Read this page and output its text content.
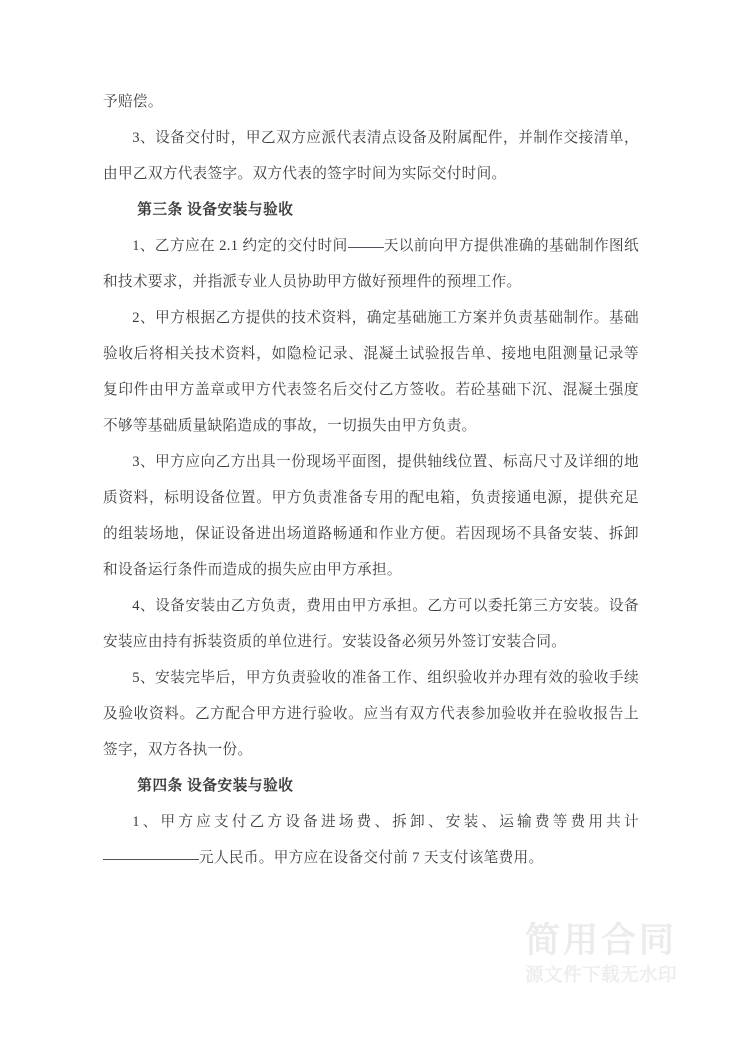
予赔偿。

3、设备交付时，甲乙双方应派代表清点设备及附属配件，并制作交接清单，由甲乙双方代表签字。双方代表的签字时间为实际交付时间。

第三条 设备安装与验收

1、乙方应在 2.1 约定的交付时间 天以前向甲方提供准确的基础制作图纸和技术要求，并指派专业人员协助甲方做好预埋件的预埋工作。

2、甲方根据乙方提供的技术资料，确定基础施工方案并负责基础制作。基础验收后将相关技术资料，如隐检记录、混凝土试验报告单、接地电阻测量记录等复印件由甲方盖章或甲方代表签名后交付乙方签收。若砼基础下沉、混凝土强度不够等基础质量缺陷造成的事故，一切损失由甲方负责。

3、甲方应向乙方出具一份现场平面图，提供轴线位置、标高尺寸及详细的地质资料，标明设备位置。甲方负责准备专用的配电箱，负责接通电源，提供充足的组装场地，保证设备进出场道路畅通和作业方便。若因现场不具备安装、拆卸和设备运行条件而造成的损失应由甲方承担。

4、设备安装由乙方负责，费用由甲方承担。乙方可以委托第三方安装。设备安装应由持有拆装资质的单位进行。安装设备必须另外签订安装合同。

5、安装完毕后，甲方负责验收的准备工作、组织验收并办理有效的验收手续及验收资料。乙方配合甲方进行验收。应当有双方代表参加验收并在验收报告上签字，双方各执一份。

第四条 设备安装与验收

1、甲方应支付乙方设备进场费、拆卸、安装、运输费等费用共计元人民币。甲方应在设备交付前 7 天支付该笔费用。

简用合同
源文件下载无水印
